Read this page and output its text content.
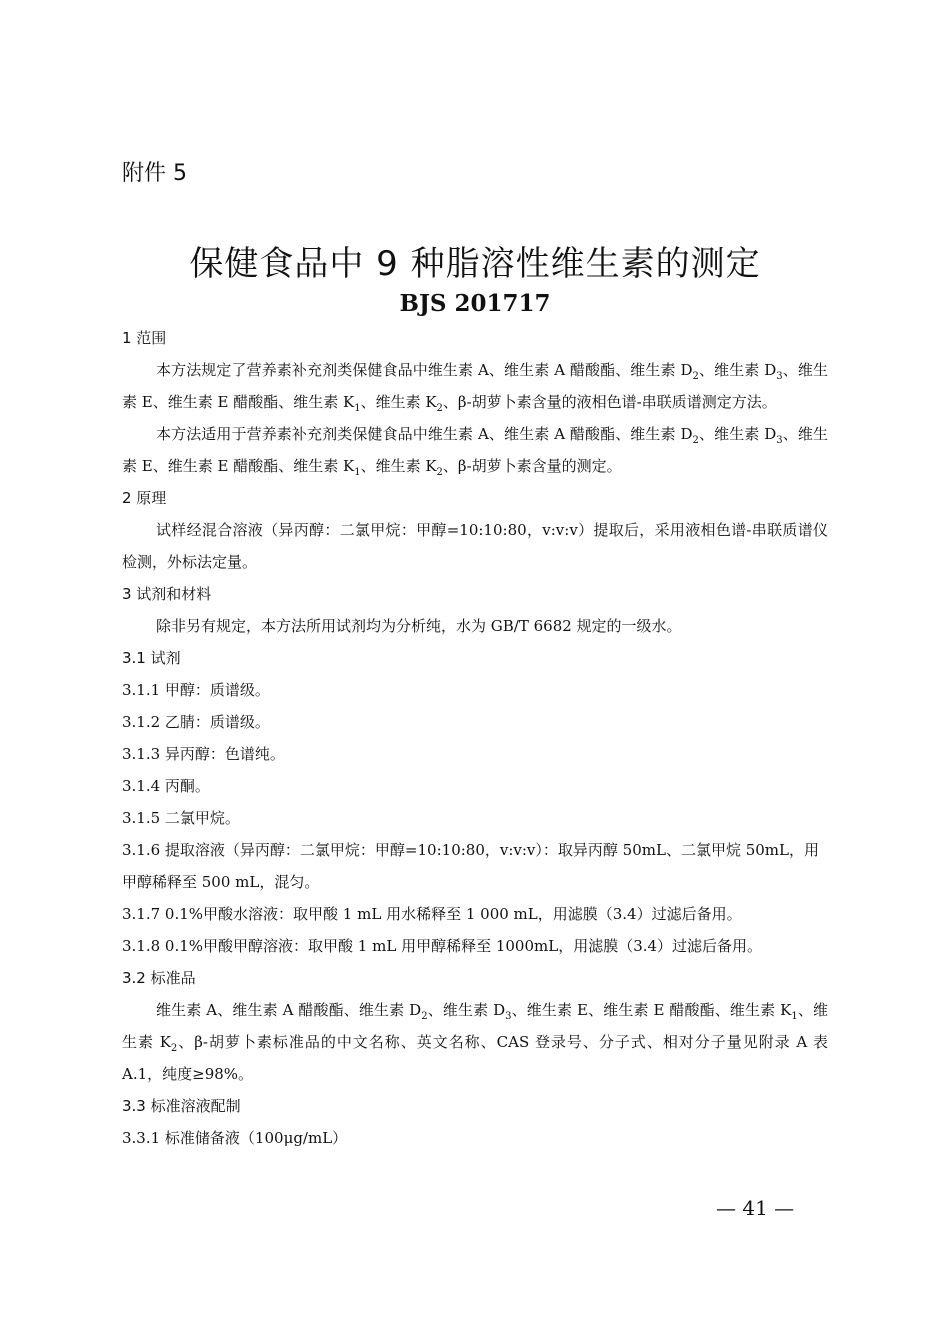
附件 5
保健食品中 9 种脂溶性维生素的测定
BJS 201717
1 范围
本方法规定了营养素补充剂类保健食品中维生素 A、维生素 A 醋酸酯、维生素 $D_2$、维生素 $D_3$、维生素 E、维生素 E 醋酸酯、维生素 $K_1$、维生素 $K_2$、β-胡萝卜素含量的液相色谱-串联质谱测定方法。
本方法适用于营养素补充剂类保健食品中维生素 A、维生素 A 醋酸酯、维生素 $D_2$、维生素 $D_3$、维生素 E、维生素 E 醋酸酯、维生素 $K_1$、维生素 $K_2$、β-胡萝卜素含量的测定。
2 原理
试样经混合溶液（异丙醇：二氯甲烷：甲醇=10:10:80，v:v:v）提取后，采用液相色谱-串联质谱仪检测，外标法定量。
3 试剂和材料
除非另有规定，本方法所用试剂均为分析纯，水为 GB/T 6682 规定的一级水。
3.1 试剂
3.1.1 甲醇：质谱级。
3.1.2 乙腈：质谱级。
3.1.3 异丙醇：色谱纯。
3.1.4 丙酮。
3.1.5 二氯甲烷。
3.1.6 提取溶液（异丙醇：二氯甲烷：甲醇=10:10:80，v:v:v）：取异丙醇 50mL、二氯甲烷 50mL，用甲醇稀释至 500 mL，混匀。
3.1.7 0.1%甲酸水溶液：取甲酸 1 mL 用水稀释至 1 000 mL，用滤膜（3.4）过滤后备用。
3.1.8 0.1%甲酸甲醇溶液：取甲酸 1 mL 用甲醇稀释至 1000mL，用滤膜（3.4）过滤后备用。
3.2 标准品
维生素 A、维生素 A 醋酸酯、维生素 $D_2$、维生素 $D_3$、维生素 E、维生素 E 醋酸酯、维生素 $K_1$、维生素 $K_2$、β-胡萝卜素标准品的中文名称、英文名称、CAS 登录号、分子式、相对分子量见附录 A 表 A.1，纯度≥98%。
3.3 标准溶液配制
3.3.1 标准储备液（100μg/mL）
— 41 —
